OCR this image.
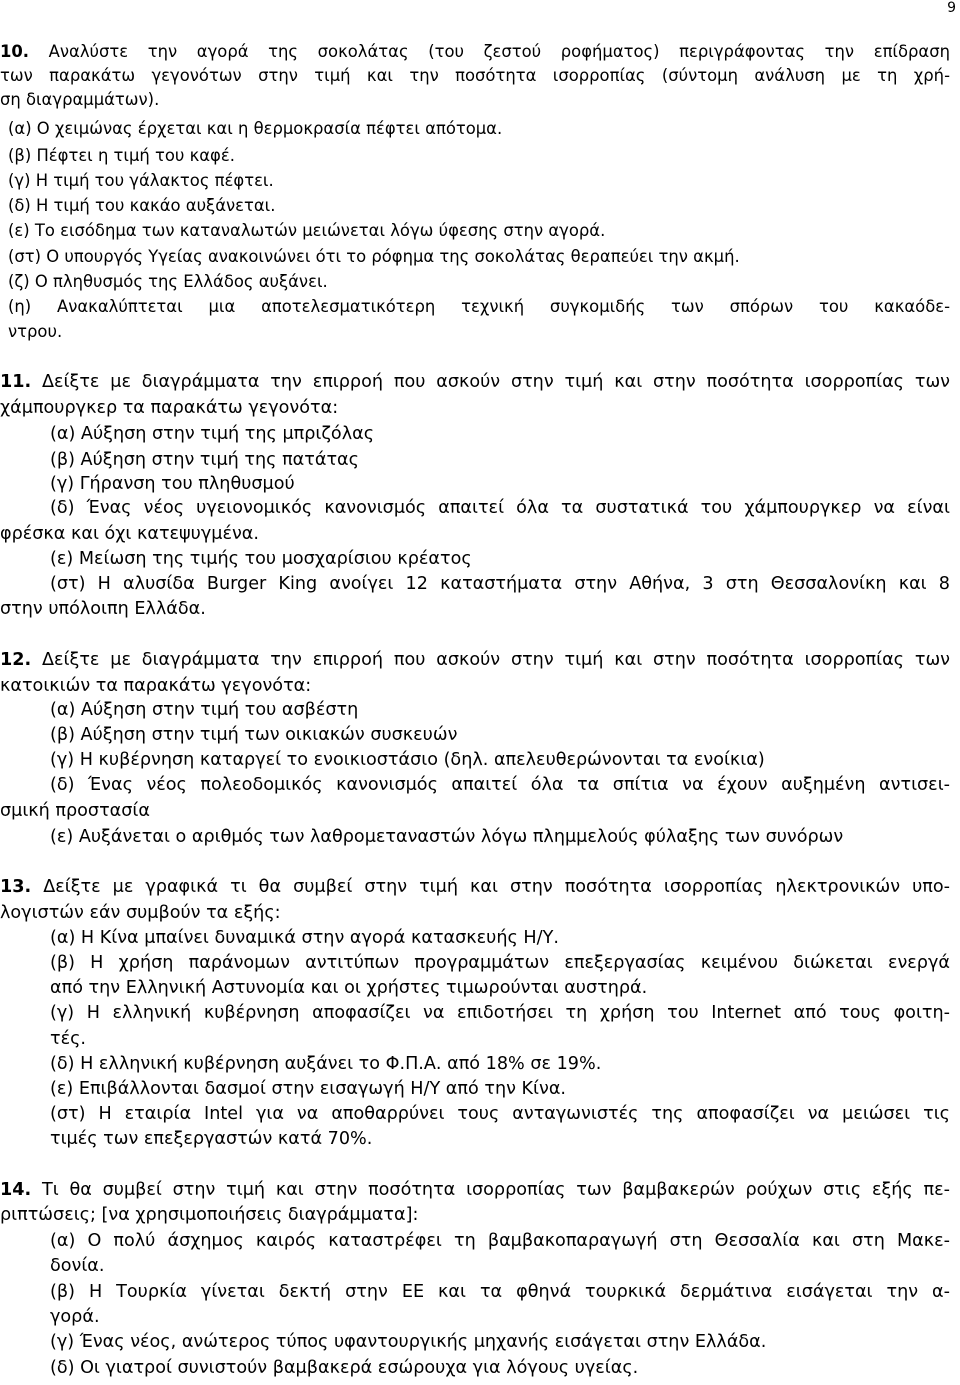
9
10. Αναλύστε την αγορά της σοκολάτας (του ζεστού ροφήματος) περιγράφοντας την επίδραση
των παρακάτω γεγονότων στην τιμή και την ποσότητα ισορροπίας (σύντομη ανάλυση με τη χρή-
ση διαγραμμάτων).
(α) Ο χειμώνας έρχεται και η θερμοκρασία πέφτει απότομα.
(β) Πέφτει η τιμή του καφέ.
(γ) Η τιμή του γάλακτος πέφτει.
(δ) Η τιμή του κακάο αυξάνεται.
(ε) Το εισόδημα των καταναλωτών μειώνεται λόγω ύφεσης στην αγορά.
(στ) Ο υπουργός Υγείας ανακοινώνει ότι το ρόφημα της σοκολάτας θεραπεύει την ακμή.
(ζ) Ο πληθυσμός της Ελλάδος αυξάνει.
(η) Ανακαλύπτεται μια αποτελεσματικότερη τεχνική συγκομιδής των σπόρων του κακαόδε-
ντρου.
11. Δείξτε με διαγράμματα την επιρροή που ασκούν στην τιμή και στην ποσότητα ισορροπίας των
χάμπουργκερ τα παρακάτω γεγονότα:
(α) Αύξηση στην τιμή της μπριζόλας
(β) Αύξηση στην τιμή της πατάτας
(γ) Γήρανση του πληθυσμού
(δ) Ένας νέος υγειονομικός κανονισμός απαιτεί όλα τα συστατικά του χάμπουργκερ να είναι
φρέσκα και όχι κατεψυγμένα.
(ε) Μείωση της τιμής του μοσχαρίσιου κρέατος
(στ) Η αλυσίδα Burger King ανοίγει 12 καταστήματα στην Αθήνα, 3 στη Θεσσαλονίκη και 8
στην υπόλοιπη Ελλάδα.
12. Δείξτε με διαγράμματα την επιρροή που ασκούν στην τιμή και στην ποσότητα ισορροπίας των
κατοικιών τα παρακάτω γεγονότα:
(α) Αύξηση στην τιμή του ασβέστη
(β) Αύξηση στην τιμή των οικιακών συσκευών
(γ) Η κυβέρνηση καταργεί το ενοικιοστάσιο (δηλ. απελευθερώνονται τα ενοίκια)
(δ) Ένας νέος πολεοδομικός κανονισμός απαιτεί όλα τα σπίτια να έχουν αυξημένη αντισει-
σμική προστασία
(ε) Αυξάνεται ο αριθμός των λαθρομεταναστών λόγω πλημμελούς φύλαξης των συνόρων
13. Δείξτε με γραφικά τι θα συμβεί στην τιμή και στην ποσότητα ισορροπίας ηλεκτρονικών υπο-
λογιστών εάν συμβούν τα εξής:
(α) Η Κίνα μπαίνει δυναμικά στην αγορά κατασκευής Η/Υ.
(β) Η χρήση παράνομων αντιτύπων προγραμμάτων επεξεργασίας κειμένου διώκεται ενεργά
από την Ελληνική Αστυνομία και οι χρήστες τιμωρούνται αυστηρά.
(γ) Η ελληνική κυβέρνηση αποφασίζει να επιδοτήσει τη χρήση του Internet από τους φοιτη-
τές.
(δ) Η ελληνική κυβέρνηση αυξάνει το Φ.Π.Α. από 18% σε 19%.
(ε) Επιβάλλονται δασμοί στην εισαγωγή Η/Υ από την Κίνα.
(στ) Η εταιρία Intel για να αποθαρρύνει τους ανταγωνιστές της αποφασίζει να μειώσει τις
τιμές των επεξεργαστών κατά 70%.
14. Τι θα συμβεί στην τιμή και στην ποσότητα ισορροπίας των βαμβακερών ρούχων στις εξής πε-
ριπτώσεις; [να χρησιμοποιήσεις διαγράμματα]:
(α) Ο πολύ άσχημος καιρός καταστρέφει τη βαμβακοπαραγωγή στη Θεσσαλία και στη Μακε-
δονία.
(β) Η Τουρκία γίνεται δεκτή στην ΕΕ και τα φθηνά τουρκικά δερμάτινα εισάγεται την α-
γορά.
(γ) Ένας νέος, ανώτερος τύπος υφαντουργικής μηχανής εισάγεται στην Ελλάδα.
(δ) Οι γιατροί συνιστούν βαμβακερά εσώρουχα για λόγους υγείας.
